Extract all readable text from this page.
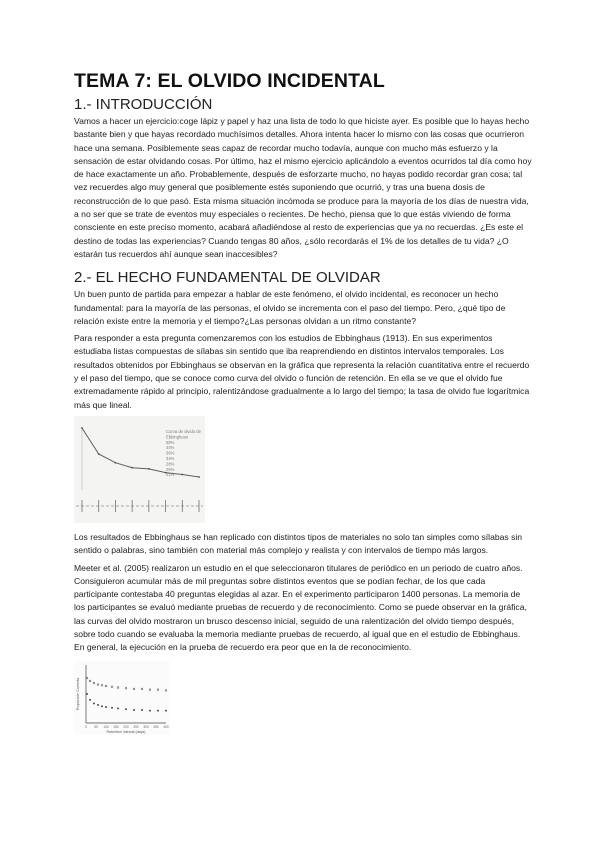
TEMA 7: EL OLVIDO INCIDENTAL
1.- INTRODUCCIÓN

Vamos a hacer un ejercicio:coge lápiz y papel y haz una lista de todo lo que hiciste ayer. Es posible que lo hayas hecho bastante bien y que hayas recordado muchísimos detalles. Ahora intenta hacer lo mismo con las cosas que ocurrieron hace una semana. Posiblemente seas capaz de recordar mucho todavía, aunque con mucho más esfuerzo y la sensación de estar olvidando cosas. Por último, haz el mismo ejercicio aplicándolo a eventos ocurridos tal día como hoy de hace exactamente un año. Probablemente, después de esforzarte mucho, no hayas podido recordar gran cosa; tal vez recuerdes algo muy general que posiblemente estés suponiendo que ocurrió, y tras una buena dosis de reconstrucción de lo que pasó. Esta misma situación incómoda se produce para la mayoría de los días de nuestra vida, a no ser que se trate de eventos muy especiales o recientes. De hecho, piensa que lo que estás viviendo de forma consciente en este preciso momento, acabará añadiéndose al resto de experiencias que ya no recuerdas. ¿Es este el destino de todas las experiencias? Cuando tengas 80 años, ¿sólo recordarás el 1% de los detalles de tu vida? ¿O estarán tus recuerdos ahí aunque sean inaccesibles?

2.- EL HECHO FUNDAMENTAL DE OLVIDAR

Un buen punto de partida para empezar a hablar de este fenómeno, el olvido incidental, es reconocer un hecho fundamental: para la mayoría de las personas, el olvido se incrementa con el paso del tiempo. Pero, ¿qué tipo de relación existe entre la memoria y el tiempo?¿Las personas olvidan a un ritmo constante?

Para responder a esta pregunta comenzaremos con los estudios de Ebbinghaus (1913). En sus experimentos estudiaba listas compuestas de sílabas sin sentido que iba reaprendiendo en distintos intervalos temporales. Los resultados obtenidos por Ebbinghaus se observan en la gráfica que representa la relación cuantitativa entre el recuerdo y el paso del tiempo, que se conoce como curva del olvido o función de retención. En ella se ve que el olvido fue extremadamente rápido al principio, ralentizándose gradualmente a lo largo del tiempo; la tasa de olvido fue logarítmica más que lineal.

Curva de olvido de
Ebbinghaus
58%
44%
36%
34%
28%
25%
21%

Los resultados de Ebbinghaus se han replicado con distintos tipos de materiales no solo tan simples como sílabas sin sentido o palabras, sino también con material más complejo y realista y con intervalos de tiempo más largos.

Meeter et al. (2005) realizaron un estudio en el que seleccionaron titulares de periódico en un periodo de cuatro años. Consiguieron acumular más de mil preguntas sobre distintos eventos que se podían fechar, de los que cada participante contestaba 40 preguntas elegidas al azar. En el experimento participaron 1400 personas. La memoria de los participantes se evaluó mediante pruebas de recuerdo y de reconocimiento. Como se puede observar en la gráfica, las curvas del olvido mostraron un brusco descenso inicial, seguido de una ralentización del olvido tiempo después, sobre todo cuando se evaluaba la memoria mediante pruebas de recuerdo, al igual que en el estudio de Ebbinghaus. En general, la ejecución en la prueba de recuerdo era peor que en la de reconocimiento.

Proporción Correcta
Retention interval (days)
0 50 100 150 200 250 300 350 400
